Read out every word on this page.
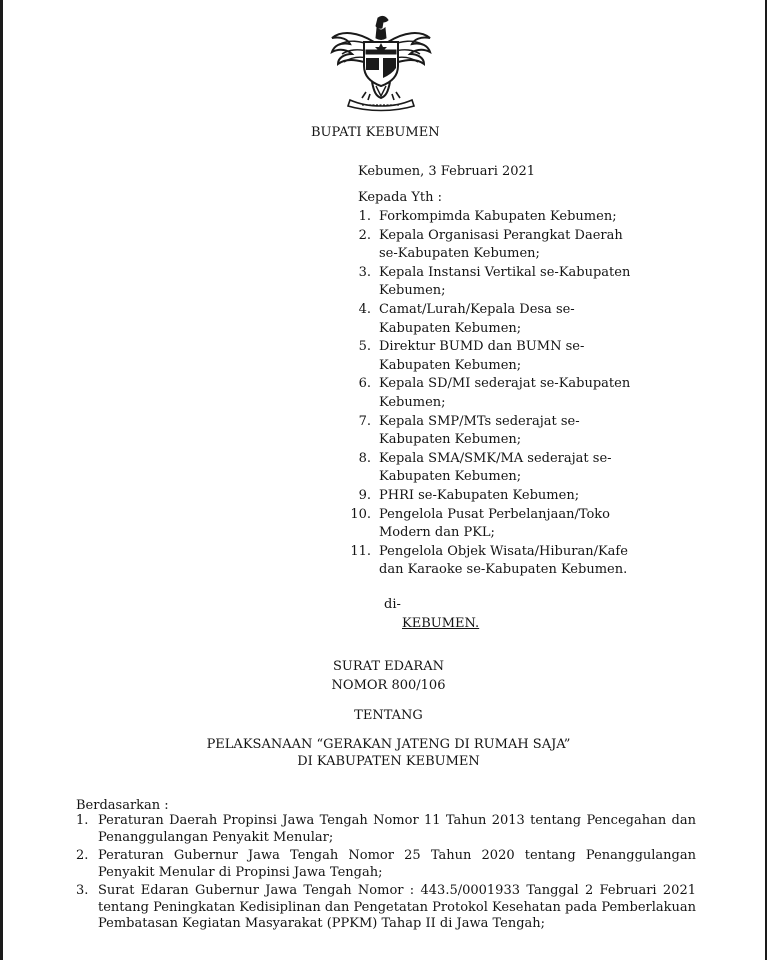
BUPATI KEBUMEN
Kebumen, 3 Februari 2021
Kepada Yth :
1. Forkompimda Kabupaten Kebumen;
2. Kepala Organisasi Perangkat Daerah
se-Kabupaten Kebumen;
3. Kepala Instansi Vertikal se-Kabupaten
Kebumen;
4. Camat/Lurah/Kepala Desa se-
Kabupaten Kebumen;
5. Direktur BUMD dan BUMN se-
Kabupaten Kebumen;
6. Kepala SD/MI sederajat se-Kabupaten
Kebumen;
7. Kepala SMP/MTs sederajat se-
Kabupaten Kebumen;
8. Kepala SMA/SMK/MA sederajat se-
Kabupaten Kebumen;
9. PHRI se-Kabupaten Kebumen;
10. Pengelola Pusat Perbelanjaan/Toko
Modern dan PKL;
11. Pengelola Objek Wisata/Hiburan/Kafe
dan Karaoke se-Kabupaten Kebumen.
di-
KEBUMEN.
SURAT EDARAN
NOMOR 800/106
TENTANG
PELAKSANAAN “GERAKAN JATENG DI RUMAH SAJA”
DI KABUPATEN KEBUMEN
Berdasarkan :
1. Peraturan Daerah Propinsi Jawa Tengah Nomor 11 Tahun 2013 tentang Pencegahan dan Penanggulangan Penyakit Menular;
2. Peraturan Gubernur Jawa Tengah Nomor 25 Tahun 2020 tentang Penanggulangan Penyakit Menular di Propinsi Jawa Tengah;
3. Surat Edaran Gubernur Jawa Tengah Nomor : 443.5/0001933 Tanggal 2 Februari 2021 tentang Peningkatan Kedisiplinan dan Pengetatan Protokol Kesehatan pada Pemberlakuan Pembatasan Kegiatan Masyarakat (PPKM) Tahap II di Jawa Tengah;
